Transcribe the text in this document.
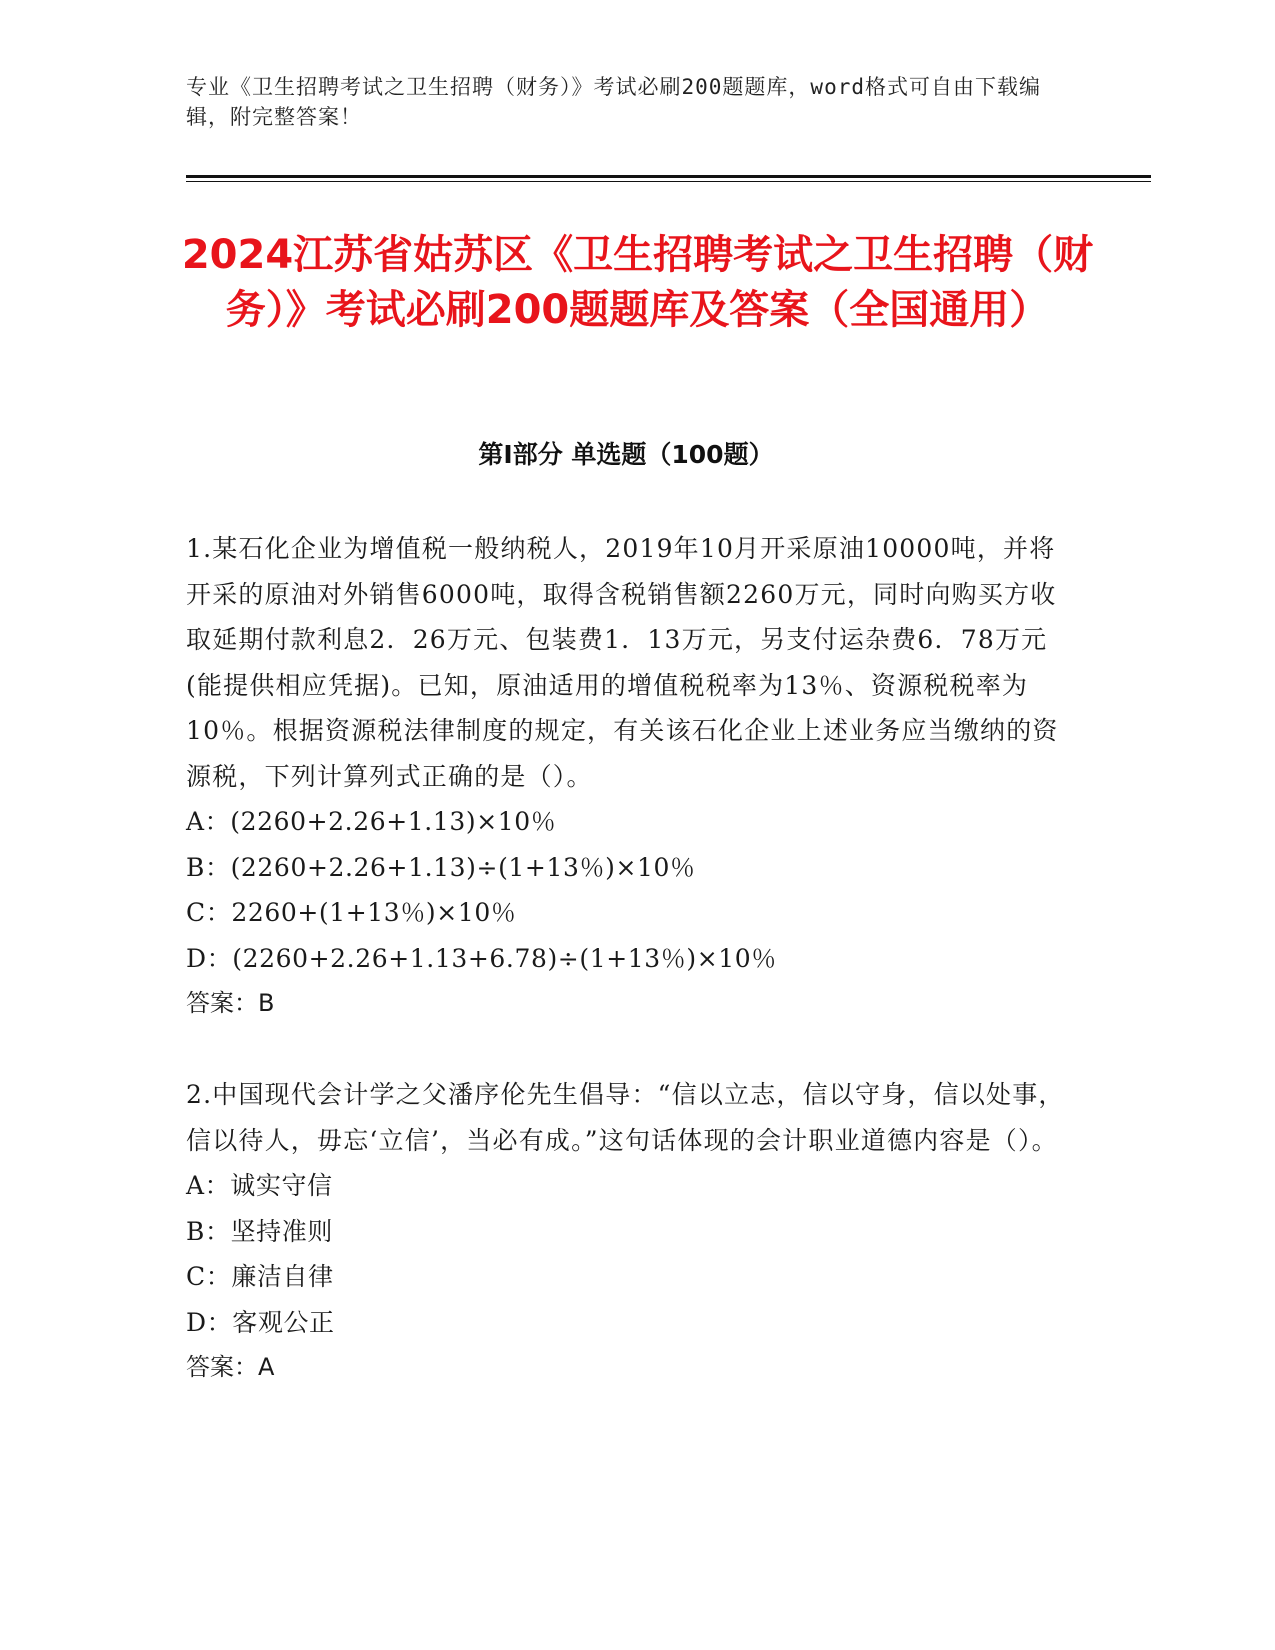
专业《卫生招聘考试之卫生招聘（财务）》考试必刷200题题库，word格式可自由下载编辑，附完整答案！
2024江苏省姑苏区《卫生招聘考试之卫生招聘（财务）》考试必刷200题题库及答案（全国通用）
第I部分 单选题（100题）
1.某石化企业为增值税一般纳税人，2019年10月开采原油10000吨，并将开采的原油对外销售6000吨，取得含税销售额2260万元，同时向购买方收取延期付款利息2．26万元、包装费1．13万元，另支付运杂费6．78万元(能提供相应凭据)。已知，原油适用的增值税税率为13％、资源税税率为10％。根据资源税法律制度的规定，有关该石化企业上述业务应当缴纳的资源税，下列计算列式正确的是（）。
A：(2260+2.26+1.13)×10％
B：(2260+2.26+1.13)÷(1+13％)×10％
C：2260+(1+13％)×10％
D：(2260+2.26+1.13+6.78)÷(1+13％)×10％
答案：B
2.中国现代会计学之父潘序伦先生倡导：“信以立志，信以守身，信以处事，信以待人，毋忘‘立信’，当必有成。”这句话体现的会计职业道德内容是（）。
A：诚实守信
B：坚持准则
C：廉洁自律
D：客观公正
答案：A
